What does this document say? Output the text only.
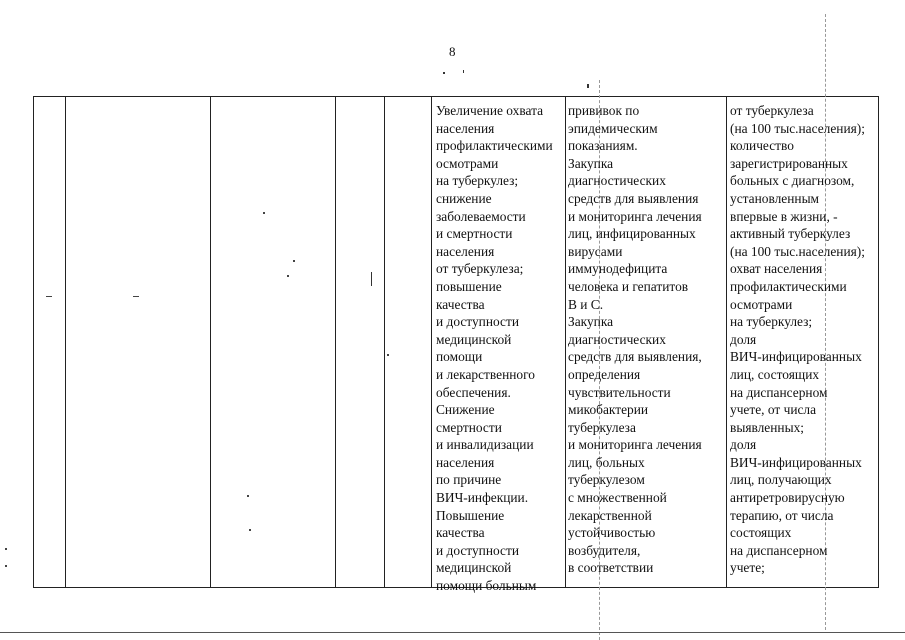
8
Увеличение охвата
населения
профилактическими
осмотрами
на туберкулез;
снижение
заболеваемости
и смертности
населения
от туберкулеза;
повышение
качества
и доступности
медицинской
помощи
и лекарственного
обеспечения.
Снижение
смертности
и инвалидизации
населения
по причине
ВИЧ-инфекции.
Повышение
качества
и доступности
медицинской
помощи больным
прививок по
эпидемическим
показаниям.
Закупка
диагностических
средств для выявления
и мониторинга лечения
лиц, инфицированных
вирусами
иммунодефицита
человека и гепатитов
В и С.
Закупка
диагностических
средств для выявления,
определения
чувствительности
микобактерии
туберкулеза
и мониторинга лечения
лиц, больных
туберкулезом
с множественной
лекарственной
устойчивостью
возбудителя,
в соответствии
от туберкулеза
(на 100 тыс.населения);
количество
зарегистрированных
больных с диагнозом,
установленным
впервые в жизни, -
активный туберкулез
(на 100 тыс.населения);
охват населения
профилактическими
осмотрами
на туберкулез;
доля
ВИЧ-инфицированных
лиц, состоящих
на диспансерном
учете, от числа
выявленных;
доля
ВИЧ-инфицированных
лиц, получающих
антиретровирусную
терапию, от числа
состоящих
на диспансерном
учете;
